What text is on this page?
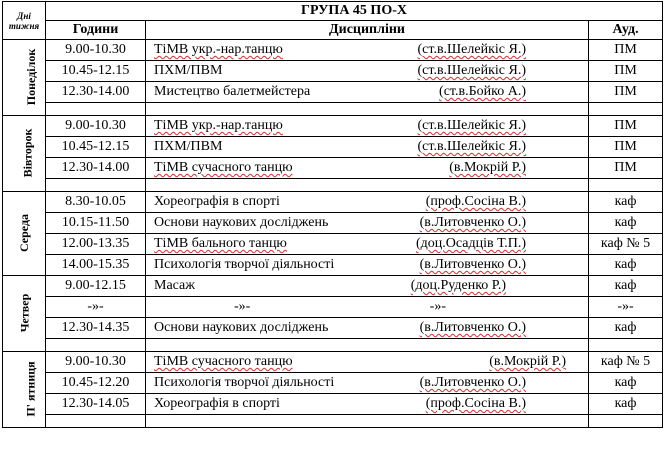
Дні тижня	ГРУПА 45 ПО-Х		
	Години	Дисципліни	Ауд.
Понеділок	9.00-10.30	ТіМВ укр.-нар.танцю (ст.в.Шелейкіс Я.)	ПМ
	10.45-12.15	ПХМ/ПВМ (ст.в.Шелейкіс Я.)	ПМ
	12.30-14.00	Мистецтво балетмейстера (ст.в.Бойко А.)	ПМ

Вівторок	9.00-10.30	ТіМВ укр.-нар.танцю (ст.в.Шелейкіс Я.)	ПМ
	10.45-12.15	ПХМ/ПВМ (ст.в.Шелейкіс Я.)	ПМ
	12.30-14.00	ТіМВ сучасного танцю (в.Мокрій Р.)	ПМ

Середа	8.30-10.05	Хореографія в спорті (проф.Сосіна В.)	каф
	10.15-11.50	Основи наукових досліджень (в.Литовченко О.)	каф
	12.00-13.35	ТіМВ бального танцю (доц.Осадців Т.П.)	каф № 5
	14.00-15.35	Психологія творчої діяльності (в.Литовченко О.)	каф
Четвер	9.00-12.15	Масаж (доц.Руденко Р.)	каф
	-»-	-»- -»-	-»-
	12.30-14.35	Основи наукових досліджень (в.Литовченко О.)	каф

П' ятниця	9.00-10.30	ТіМВ сучасного танцю (в.Мокрій Р.)	каф № 5
	10.45-12.20	Психологія творчої діяльності (в.Литовченко О.)	каф
	12.30-14.05	Хореографія в спорті (проф.Сосіна В.)	каф
